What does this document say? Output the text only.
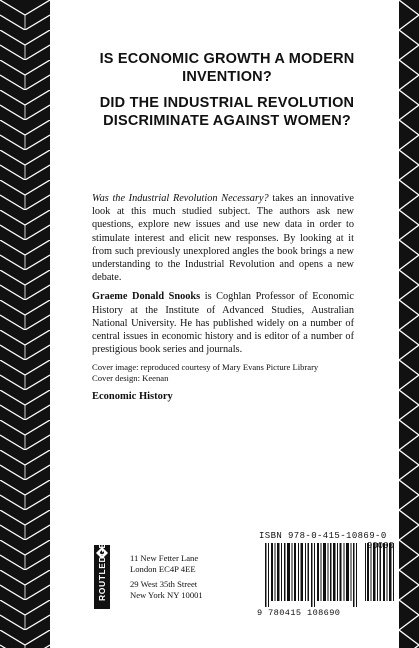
IS ECONOMIC GROWTH A MODERN INVENTION?

DID THE INDUSTRIAL REVOLUTION DISCRIMINATE AGAINST WOMEN?

Was the Industrial Revolution Necessary? takes an innovative look at this much studied subject. The authors ask new questions, explore new issues and use new data in order to stimulate interest and elicit new responses. By looking at it from such previously unexplored angles the book brings a new understanding to the Industrial Revolution and opens a new debate.

Graeme Donald Snooks is Coghlan Professor of Economic History at the Institute of Advanced Studies, Australian National University. He has published widely on a number of central issues in economic history and is editor of a number of prestigious book series and journals.

Cover image: reproduced courtesy of Mary Evans Picture Library
Cover design: Keenan

Economic History

ROUTLEDGE	11 New Fetter Lane
London EC4P 4EE
29 West 35th Street
New York NY 10001
ISBN 978-0-415-10869-0
9 780415 108690
